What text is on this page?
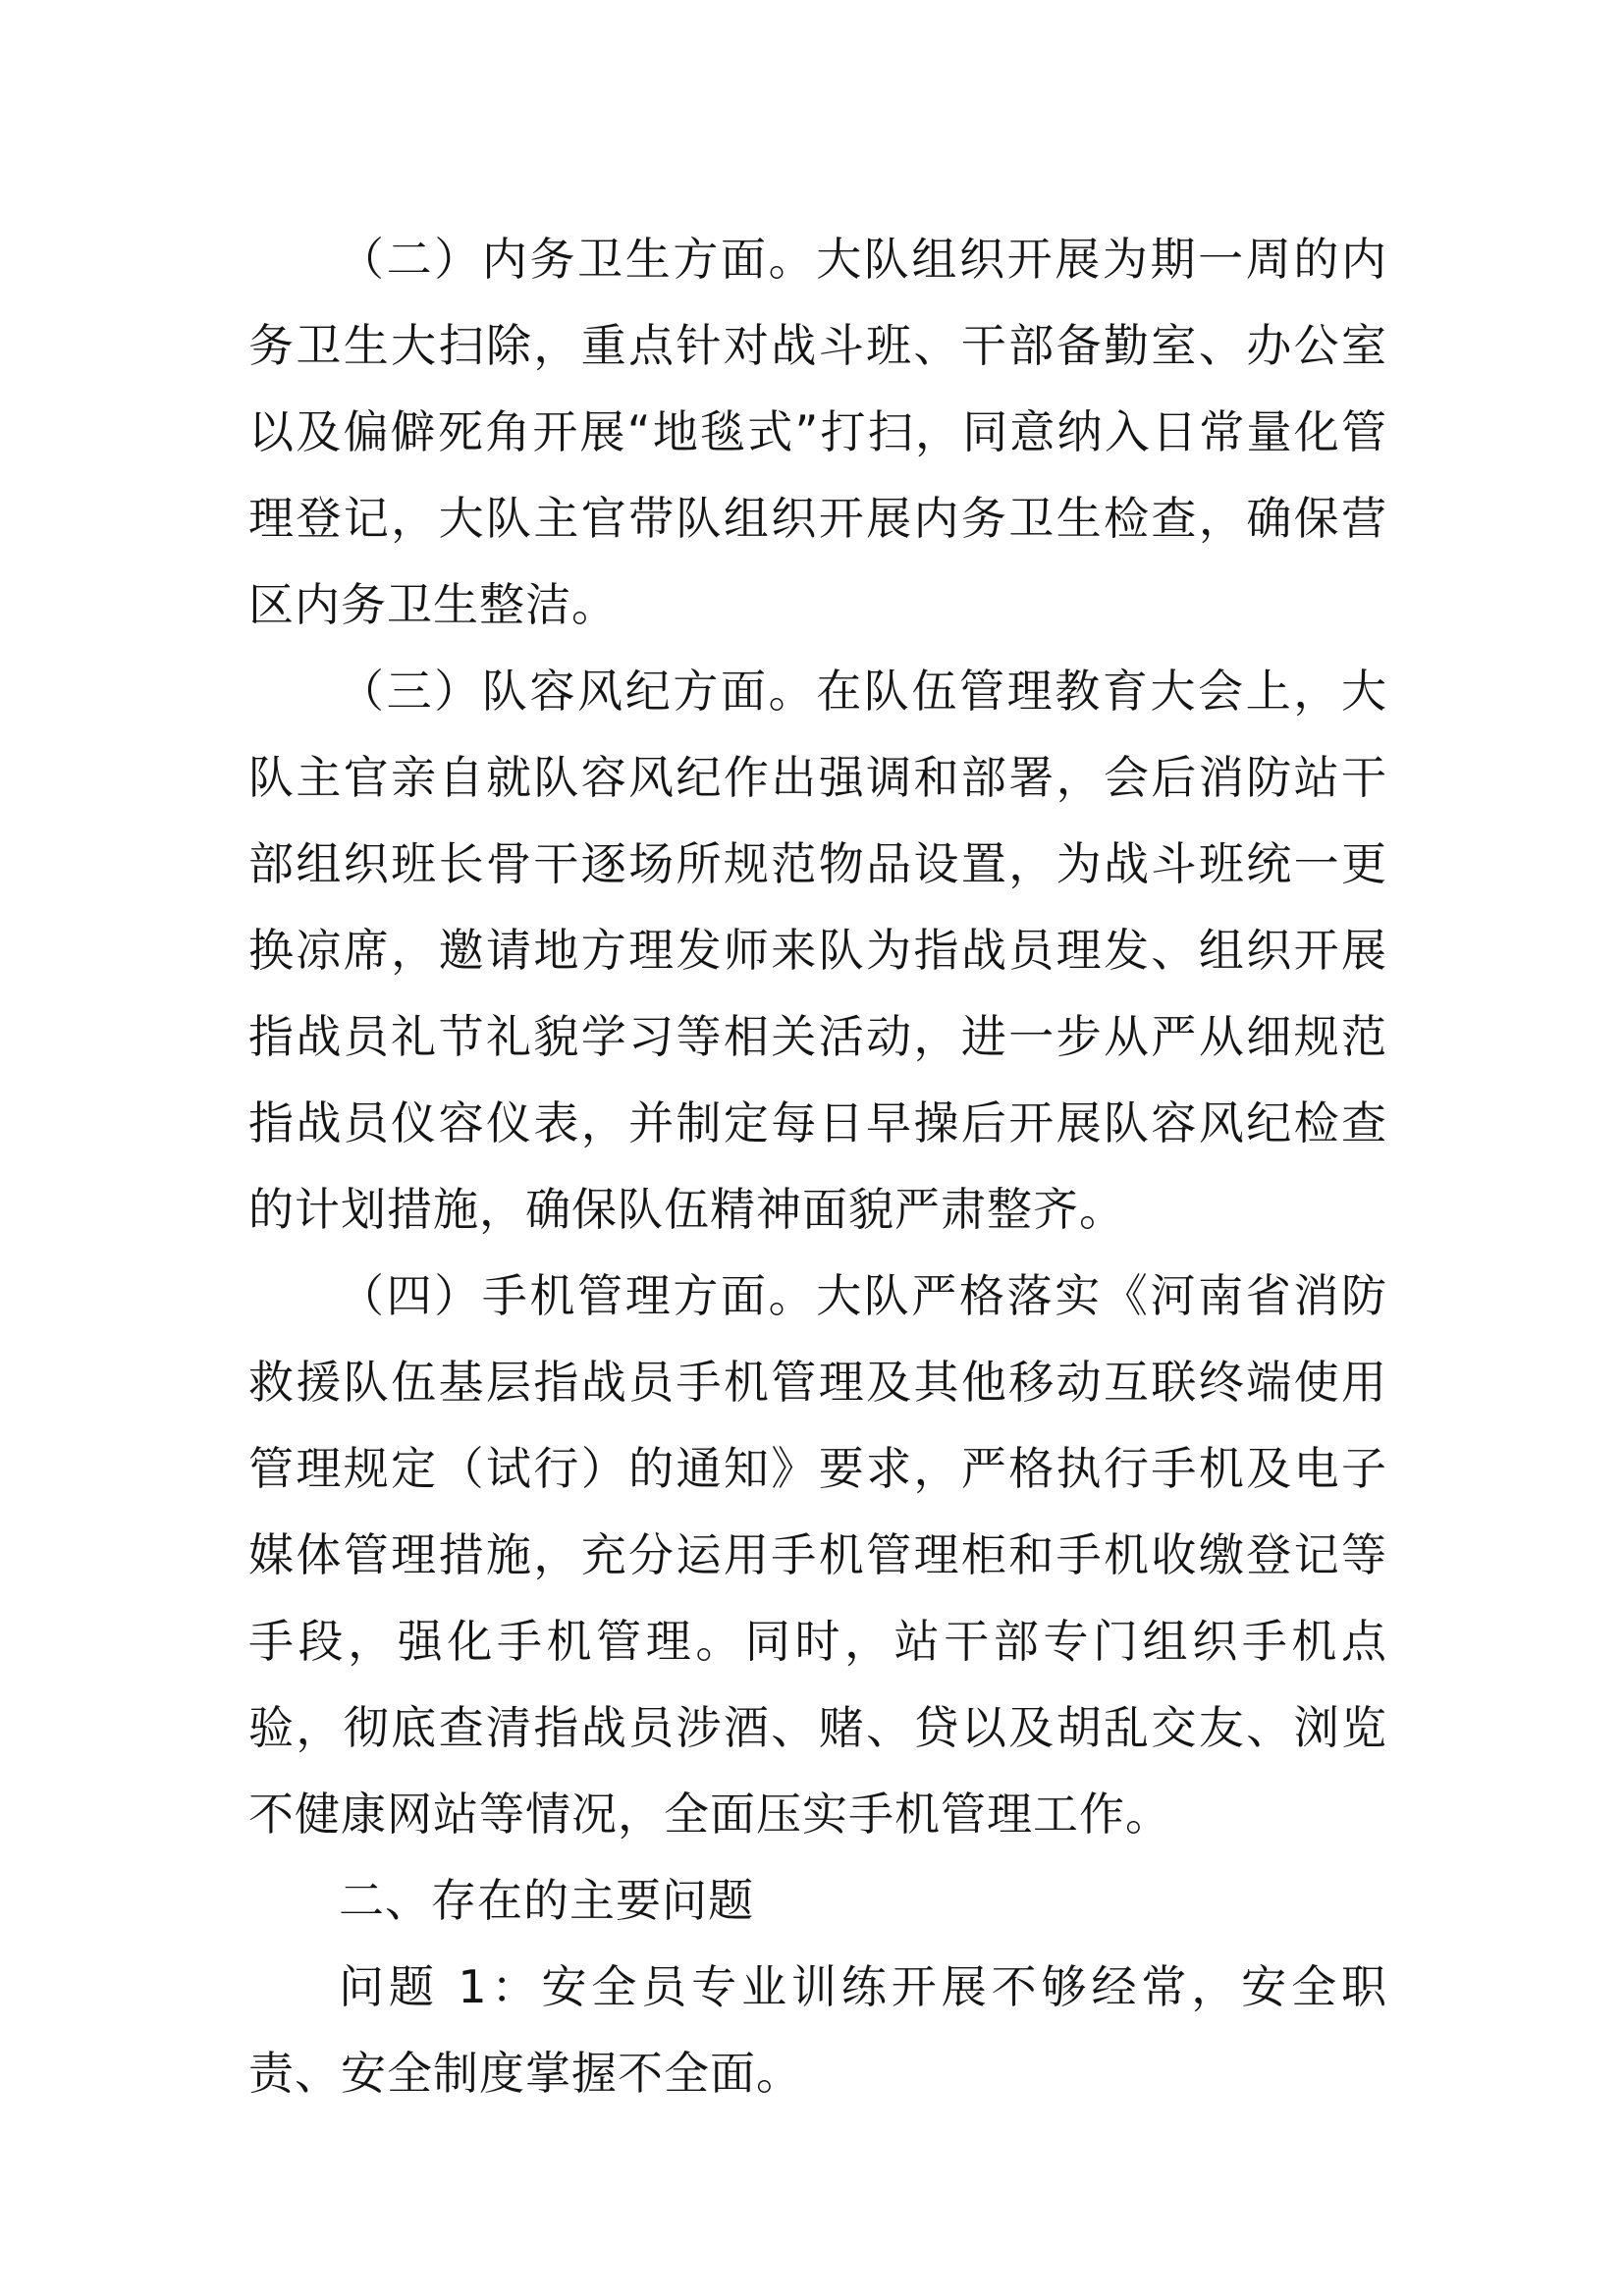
（二）内务卫生方面。大队组织开展为期一周的内务卫生大扫除，重点针对战斗班、干部备勤室、办公室以及偏僻死角开展“地毯式”打扫，同意纳入日常量化管理登记，大队主官带队组织开展内务卫生检查，确保营区内务卫生整洁。

（三）队容风纪方面。在队伍管理教育大会上，大队主官亲自就队容风纪作出强调和部署，会后消防站干部组织班长骨干逐场所规范物品设置，为战斗班统一更换凉席，邀请地方理发师来队为指战员理发、组织开展指战员礼节礼貌学习等相关活动，进一步从严从细规范指战员仪容仪表，并制定每日早操后开展队容风纪检查的计划措施，确保队伍精神面貌严肃整齐。

（四）手机管理方面。大队严格落实《河南省消防救援队伍基层指战员手机管理及其他移动互联终端使用管理规定（试行）的通知》要求，严格执行手机及电子媒体管理措施，充分运用手机管理柜和手机收缴登记等手段，强化手机管理。同时，站干部专门组织手机点验，彻底查清指战员涉酒、赌、贷以及胡乱交友、浏览不健康网站等情况，全面压实手机管理工作。

二、存在的主要问题

问题 1：安全员专业训练开展不够经常，安全职责、安全制度掌握不全面。
